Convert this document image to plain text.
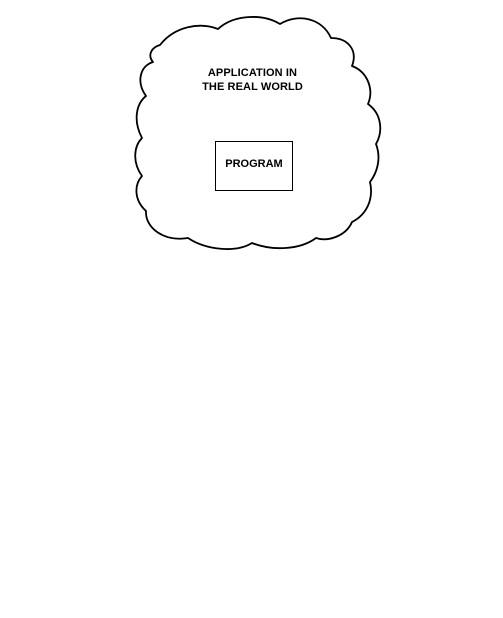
APPLICATION IN
THE REAL WORLD
PROGRAM
